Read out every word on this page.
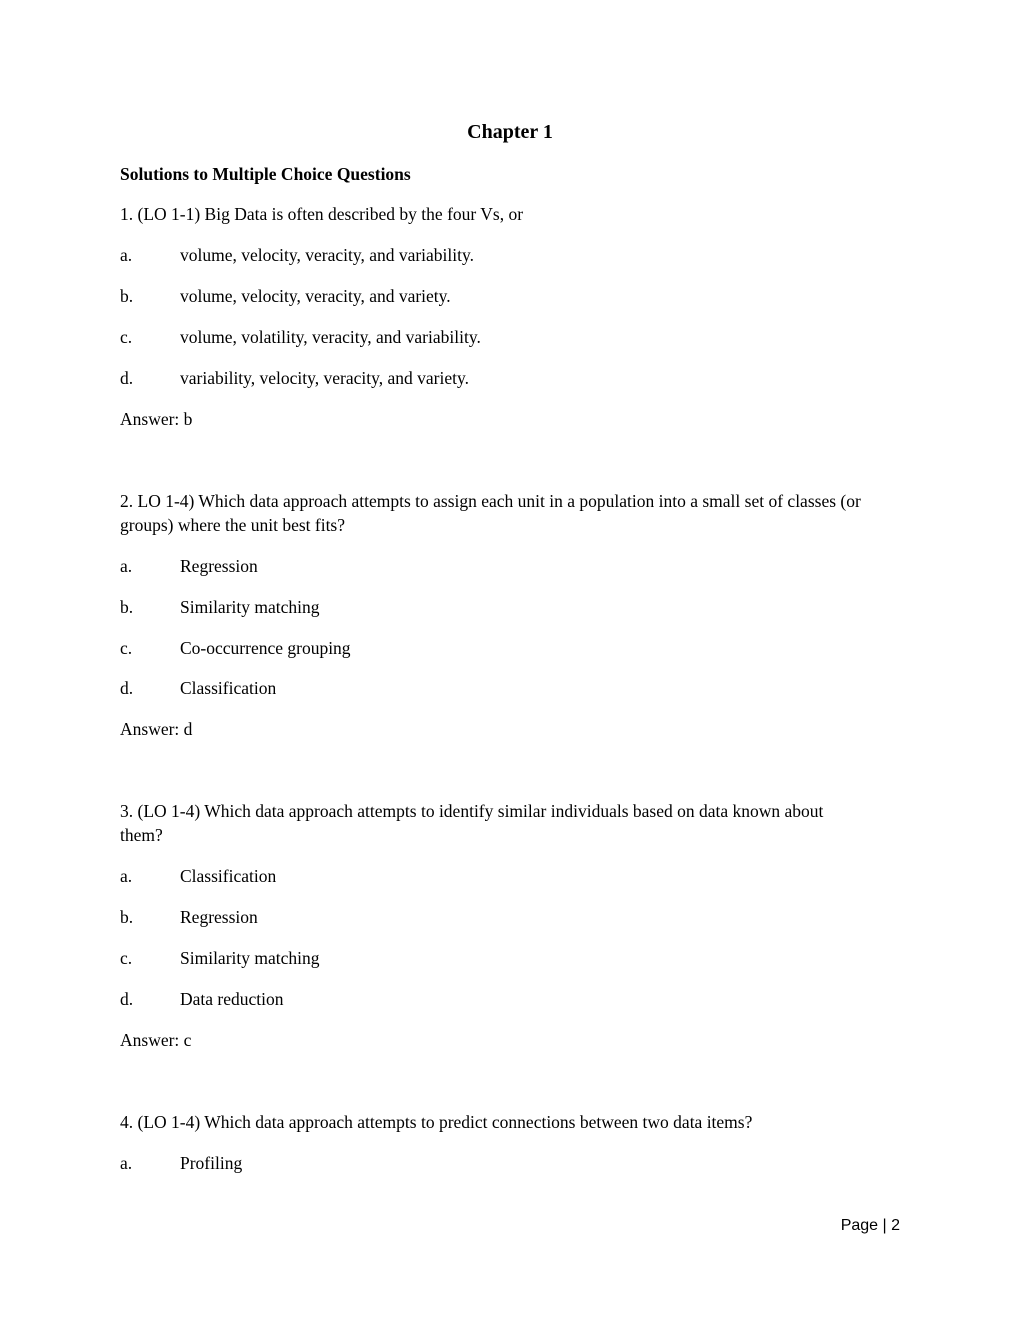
Chapter 1
Solutions to Multiple Choice Questions
1. (LO 1-1) Big Data is often described by the four Vs, or
a.	volume, velocity, veracity, and variability.
b.	volume, velocity, veracity, and variety.
c.	volume, volatility, veracity, and variability.
d.	variability, velocity, veracity, and variety.
Answer: b
2. LO 1-4) Which data approach attempts to assign each unit in a population into a small set of classes (or
groups) where the unit best fits?
a.	Regression
b.	Similarity matching
c.	Co-occurrence grouping
d.	Classification
Answer: d
3. (LO 1-4) Which data approach attempts to identify similar individuals based on data known about
them?
a.	Classification
b.	Regression
c.	Similarity matching
d.	Data reduction
Answer: c
4. (LO 1-4) Which data approach attempts to predict connections between two data items?
a.	Profiling
Page | 2
